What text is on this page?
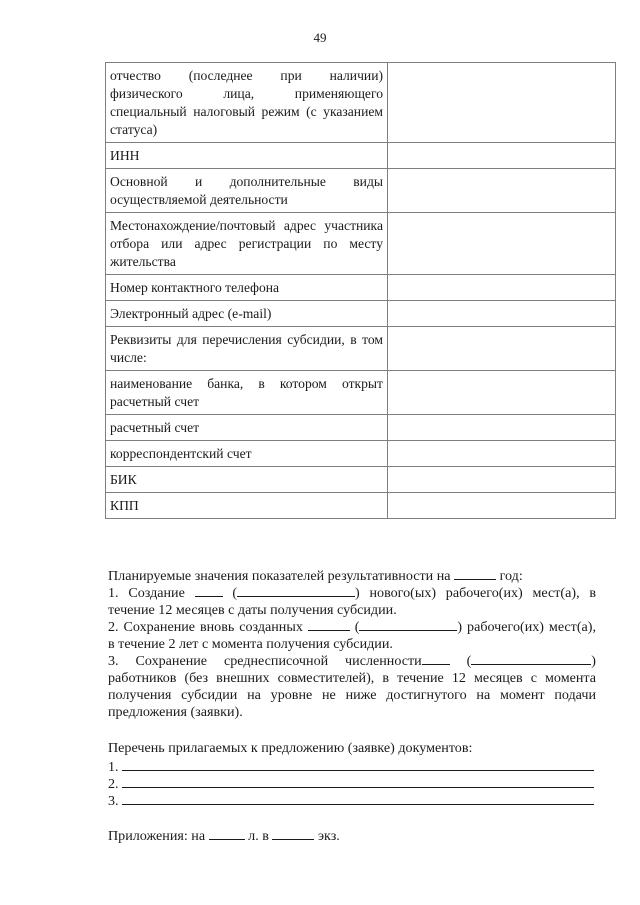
49
отчество (последнее при наличии) физического лица, применяющего специальный налоговый режим (с указанием статуса)	
ИНН	
Основной и дополнительные виды осуществляемой деятельности	
Местонахождение/почтовый адрес участника отбора или адрес регистрации по месту жительства	
Номер контактного телефона	
Электронный адрес (e-mail)	
Реквизиты для перечисления субсидии, в том числе:	
наименование банка, в котором открыт расчетный счет	
расчетный счет	
корреспондентский счет	
БИК	
КПП	
Планируемые значения показателей результативности на	год:
1. Создание	(	) нового(ых) рабочего(их) мест(а), в течение 12 месяцев с даты получения субсидии.
2. Сохранение вновь созданных	(	) рабочего(их) мест(а), в течение 2 лет с момента получения субсидии.
3. Сохранение среднесписочной численности	(	) работников (без внешних совместителей), в течение 12 месяцев с момента получения субсидии на уровне не ниже достигнутого на момент подачи предложения (заявки).
Перечень прилагаемых к предложению (заявке) документов:
1.
2.
3.
Приложения: на	л. в	экз.
